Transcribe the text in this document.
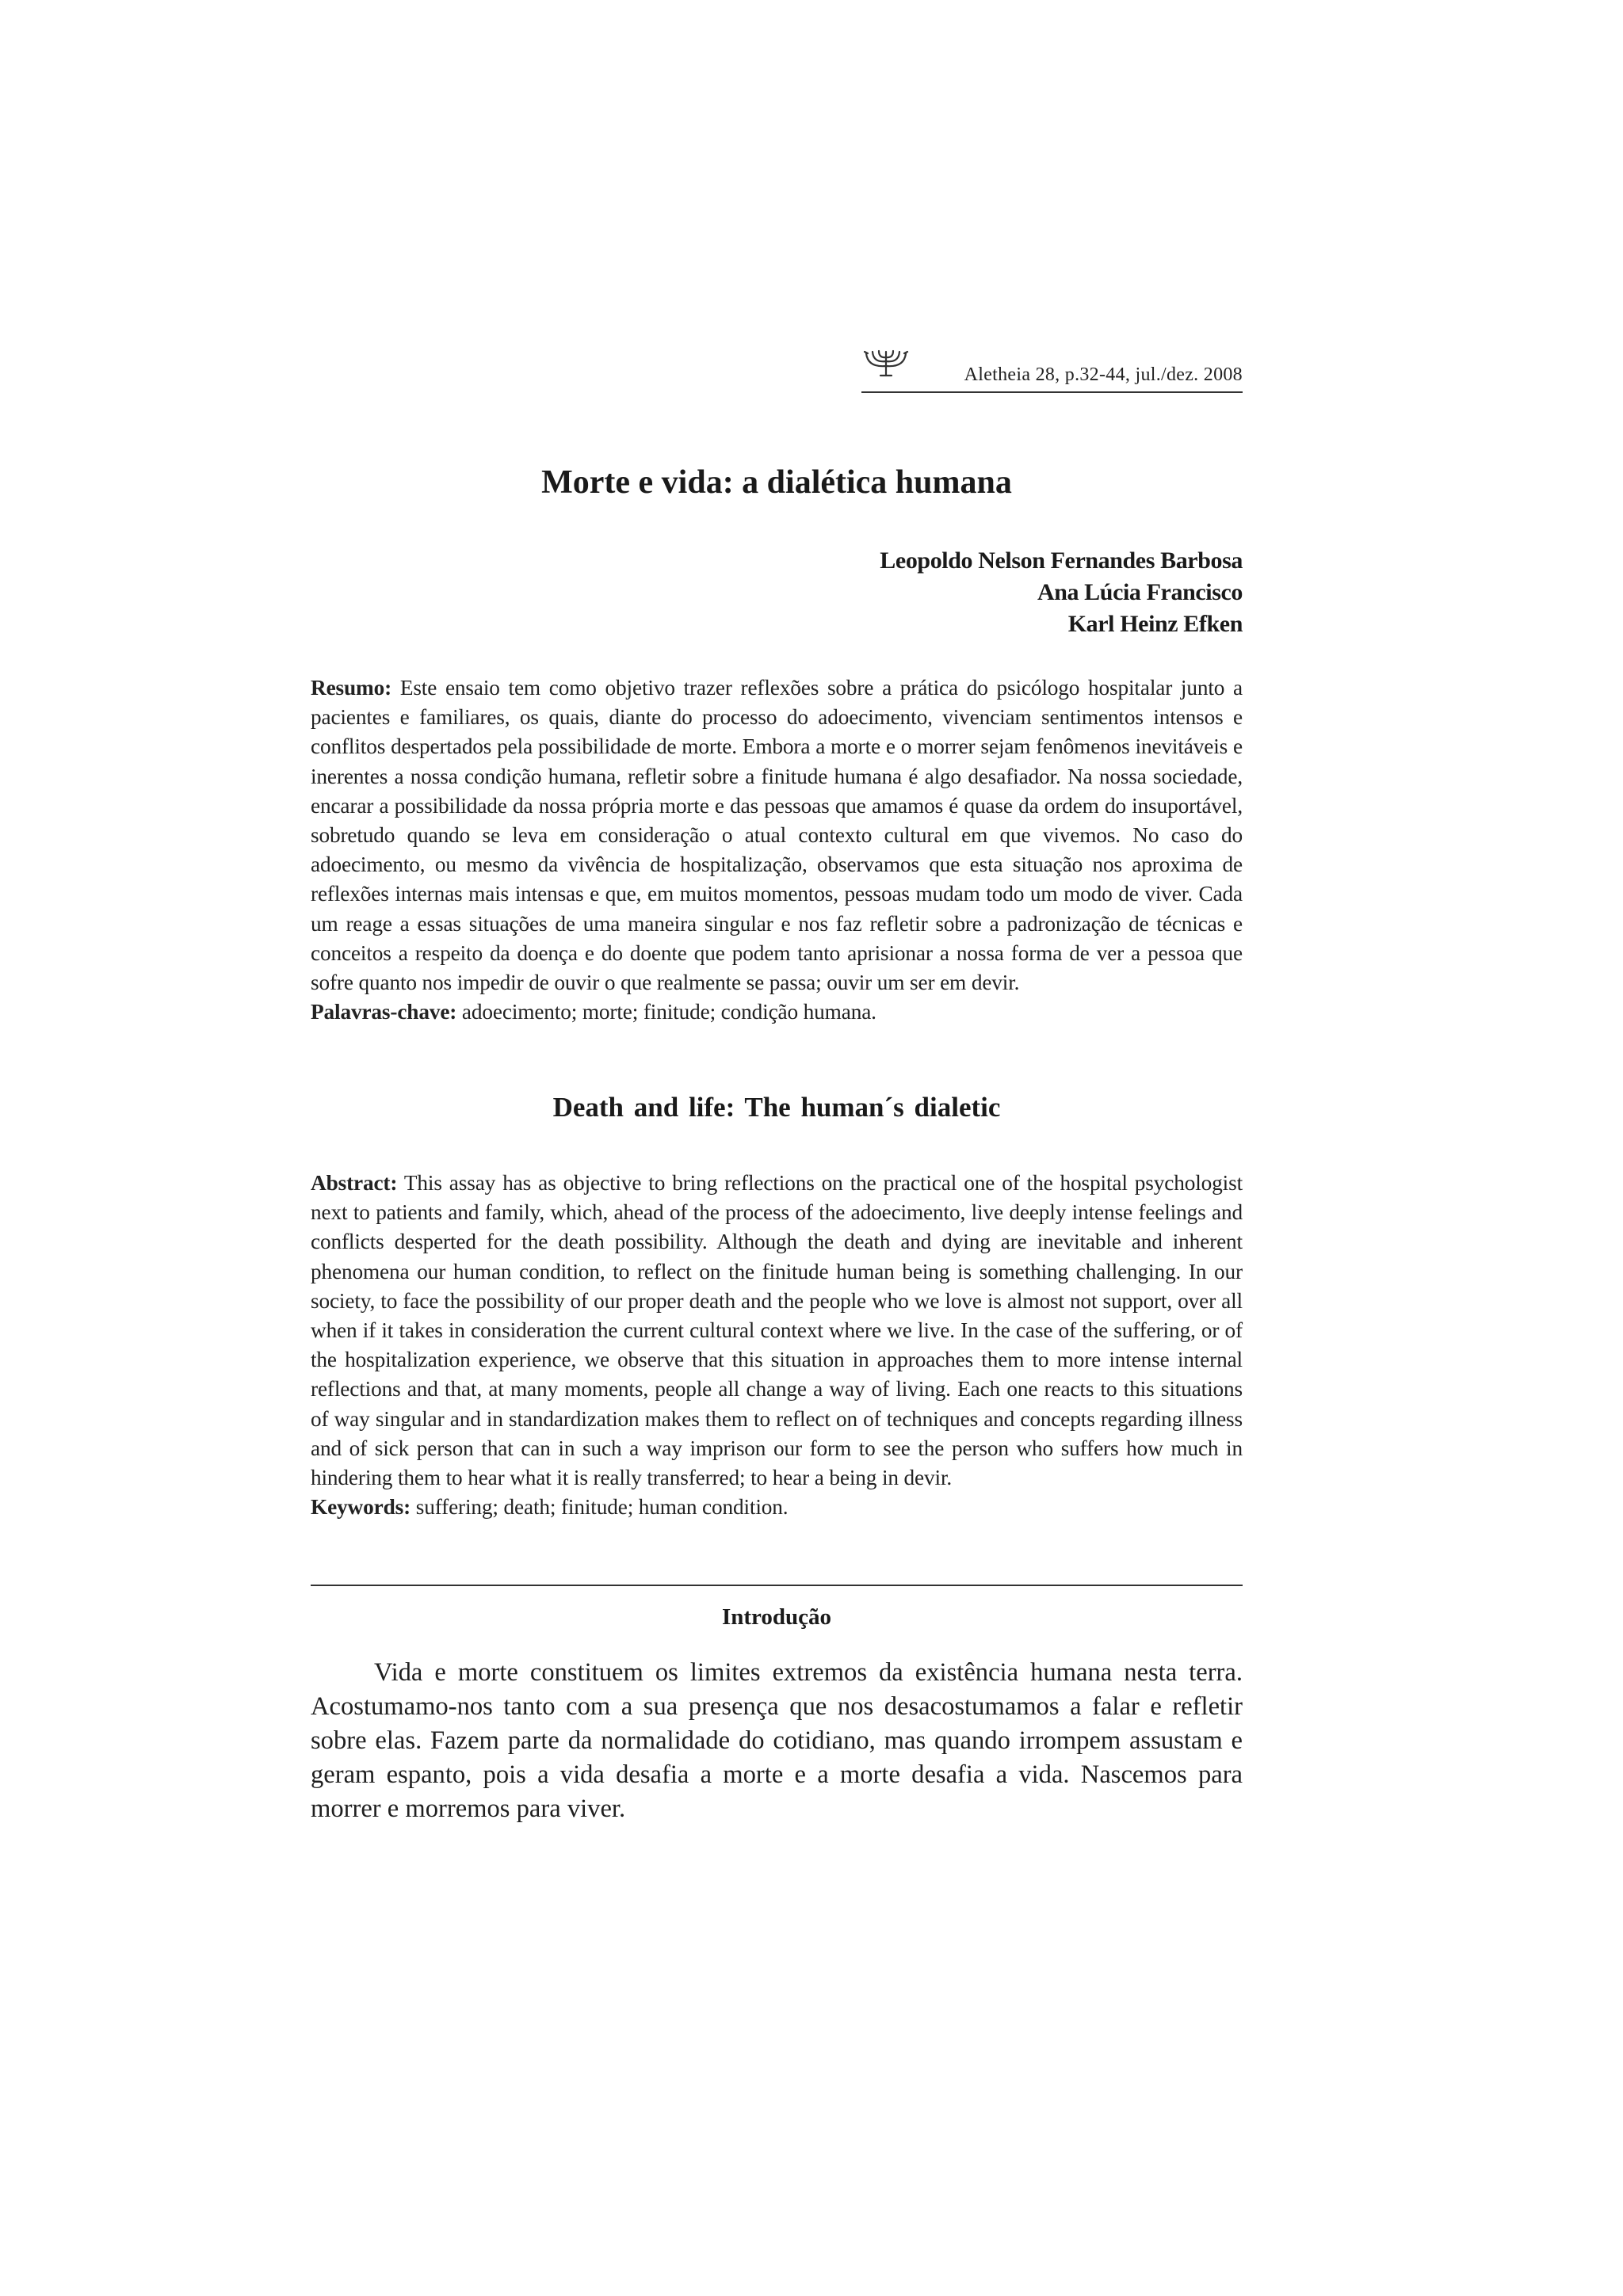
Aletheia 28, p.32-44, jul./dez. 2008
Morte e vida: a dialética humana
Leopoldo Nelson Fernandes Barbosa
Ana Lúcia Francisco
Karl Heinz Efken

Resumo: Este ensaio tem como objetivo trazer reflexões sobre a prática do psicólogo hospitalar junto a pacientes e familiares, os quais, diante do processo do adoecimento, vivenciam sentimentos intensos e conflitos despertados pela possibilidade de morte. Embora a morte e o morrer sejam fenômenos inevitáveis e inerentes a nossa condição humana, refletir sobre a finitude humana é algo desafiador. Na nossa sociedade, encarar a possibilidade da nossa própria morte e das pessoas que amamos é quase da ordem do insuportável, sobretudo quando se leva em consideração o atual contexto cultural em que vivemos. No caso do adoecimento, ou mesmo da vivência de hospitalização, observamos que esta situação nos aproxima de reflexões internas mais intensas e que, em muitos momentos, pessoas mudam todo um modo de viver. Cada um reage a essas situações de uma maneira singular e nos faz refletir sobre a padronização de técnicas e conceitos a respeito da doença e do doente que podem tanto aprisionar a nossa forma de ver a pessoa que sofre quanto nos impedir de ouvir o que realmente se passa; ouvir um ser em devir.

Palavras-chave: adoecimento; morte; finitude; condição humana.

Death and life: The human´s dialetic

Abstract: This assay has as objective to bring reflections on the practical one of the hospital psychologist next to patients and family, which, ahead of the process of the adoecimento, live deeply intense feelings and conflicts desperted for the death possibility. Although the death and dying are inevitable and inherent phenomena our human condition, to reflect on the finitude human being is something challenging. In our society, to face the possibility of our proper death and the people who we love is almost not support, over all when if it takes in consideration the current cultural context where we live. In the case of the suffering, or of the hospitalization experience, we observe that this situation in approaches them to more intense internal reflections and that, at many moments, people all change a way of living. Each one reacts to this situations of way singular and in standardization makes them to reflect on of techniques and concepts regarding illness and of sick person that can in such a way imprison our form to see the person who suffers how much in hindering them to hear what it is really transferred; to hear a being in devir.

Keywords: suffering; death; finitude; human condition.

Introdução

Vida e morte constituem os limites extremos da existência humana nesta terra. Acostumamo-nos tanto com a sua presença que nos desacostumamos a falar e refletir sobre elas. Fazem parte da normalidade do cotidiano, mas quando irrompem assustam e geram espanto, pois a vida desafia a morte e a morte desafia a vida. Nascemos para morrer e morremos para viver.
